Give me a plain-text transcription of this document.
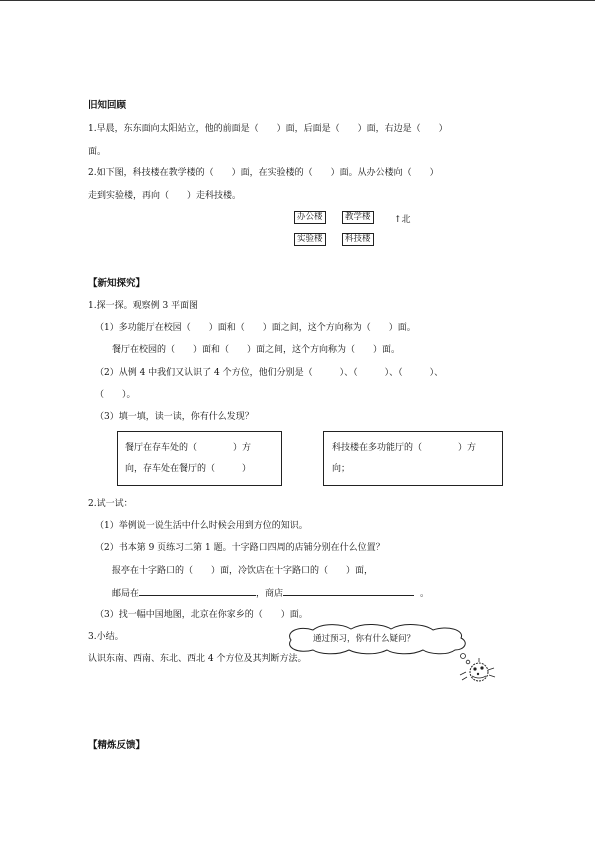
旧知回顾
1.早晨，东东面向太阳站立，他的前面是（　　）面，后面是（　　）面，右边是（　　）
面。
2.如下图，科技楼在教学楼的（　　）面，在实验楼的（　　）面。从办公楼向（　　）
走到实验楼，再向（　　）走科技楼。
办公楼	教学楼	↑北
实验楼	科技楼
【新知探究】
1.探一探。观察例 3 平面图
（1）多功能厅在校园（　　）面和（　　）面之间，这个方向称为（　　）面。
餐厅在校园的（　　）面和（　　）面之间，这个方向称为（　　）面。
（2）从例 4 中我们又认识了 4 个方位，他们分别是（　　　）、（　　　）、（　　　）、
（　　）。
（3）填一填，读一读，你有什么发现？
餐厅在存车处的（　　　　）方
向，存车处在餐厅的（　　　）
科技楼在多功能厅的（　　　　）方
向；
2.试一试：
（1）举例说一说生活中什么时候会用到方位的知识。
（2）书本第 9 页练习二第 1 题。十字路口四周的店铺分别在什么位置？
报亭在十字路口的（　　）面，冷饮店在十字路口的（　　）面，
邮局在	，商店	。
（3）找一幅中国地图，北京在你家乡的（　　）面。
3.小结。
认识东南、西南、东北、西北 4 个方位及其判断方法。
通过预习，你有什么疑问？
【精炼反馈】
